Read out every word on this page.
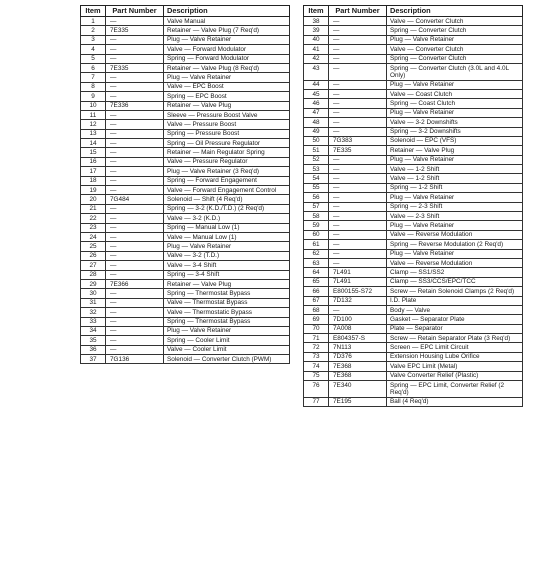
Item	Part Number	Description
1	—	Valve Manual
2	7E335	Retainer — Valve Plug (7 Req'd)
3	—	Plug — Valve Retainer
4	—	Valve — Forward Modulator
5	—	Spring — Forward Modulator
6	7E335	Retainer — Valve Plug (8 Req'd)
7	—	Plug — Valve Retainer
8	—	Valve — EPC Boost
9	—	Spring — EPC Boost
10	7E336	Retainer — Valve Plug
11	—	Sleeve — Pressure Boost Valve
12	—	Valve — Pressure Boost
13	—	Spring — Pressure Boost
14	—	Spring — Oil Pressure Regulator
15	—	Retainer — Main Regulator Spring
16	—	Valve — Pressure Regulator
17	—	Plug — Valve Retainer (3 Req'd)
18	—	Spring — Forward Engagement
19	—	Valve — Forward Engagement Control
20	7G484	Solenoid — Shift (4 Req'd)
21	—	Spring — 3-2 (K.D./T.D.) (2 Req'd)
22	—	Valve — 3-2 (K.D.)
23	—	Spring — Manual Low (1)
24	—	Valve — Manual Low (1)
25	—	Plug — Valve Retainer
26	—	Valve — 3-2 (T.D.)
27	—	Valve — 3-4 Shift
28	—	Spring — 3-4 Shift
29	7E366	Retainer — Valve Plug
30	—	Spring — Thermostat Bypass
31	—	Valve — Thermostat Bypass
32	—	Valve — Thermostatic Bypass
33	—	Spring — Thermostat Bypass
34	—	Plug — Valve Retainer
35	—	Spring — Cooler Limit
36	—	Valve — Cooler Limit
37	7G136	Solenoid — Converter Clutch (PWM)
Item	Part Number	Description
38	—	Valve — Converter Clutch
39	—	Spring — Converter Clutch
40	—	Plug — Valve Retainer
41	—	Valve — Converter Clutch
42	—	Spring — Converter Clutch
43	—	Spring — Converter Clutch (3.0L and 4.0L Only)
44	—	Plug — Valve Retainer
45	—	Valve — Coast Clutch
46	—	Spring — Coast Clutch
47	—	Plug — Valve Retainer
48	—	Valve — 3-2 Downshifts
49	—	Spring — 3-2 Downshifts
50	7G383	Solenoid — EPC (VFS)
51	7E335	Retainer — Valve Plug
52	—	Plug — Valve Retainer
53	—	Valve — 1-2 Shift
54	—	Valve — 1-2 Shift
55	—	Spring — 1-2 Shift
56	—	Plug — Valve Retainer
57	—	Spring — 2-3 Shift
58	—	Valve — 2-3 Shift
59	—	Plug — Valve Retainer
60	—	Valve — Reverse Modulation
61	—	Spring — Reverse Modulation (2 Req'd)
62	—	Plug — Valve Retainer
63	—	Valve — Reverse Modulation
64	7L491	Clamp — SS1/SS2
65	7L491	Clamp — SS3/CCS/EPC/TCC
66	E800155-S72	Screw — Retain Solenoid Clamps (2 Req'd)
67	7D132	I.D. Plate
68	—	Body — Valve
69	7D100	Gasket — Separator Plate
70	7A008	Plate — Separator
71	E804357-S	Screw — Retain Separator Plate (3 Req'd)
72	7N113	Screen — EPC Limit Circuit
73	7D376	Extension Housing Lube Orifice
74	7E368	Valve EPC Limit (Metal)
75	7E368	Valve Converter Relief (Plastic)
76	7E340	Spring — EPC Limit, Converter Relief (2 Req'd)
77	7E195	Ball (4 Req'd)
